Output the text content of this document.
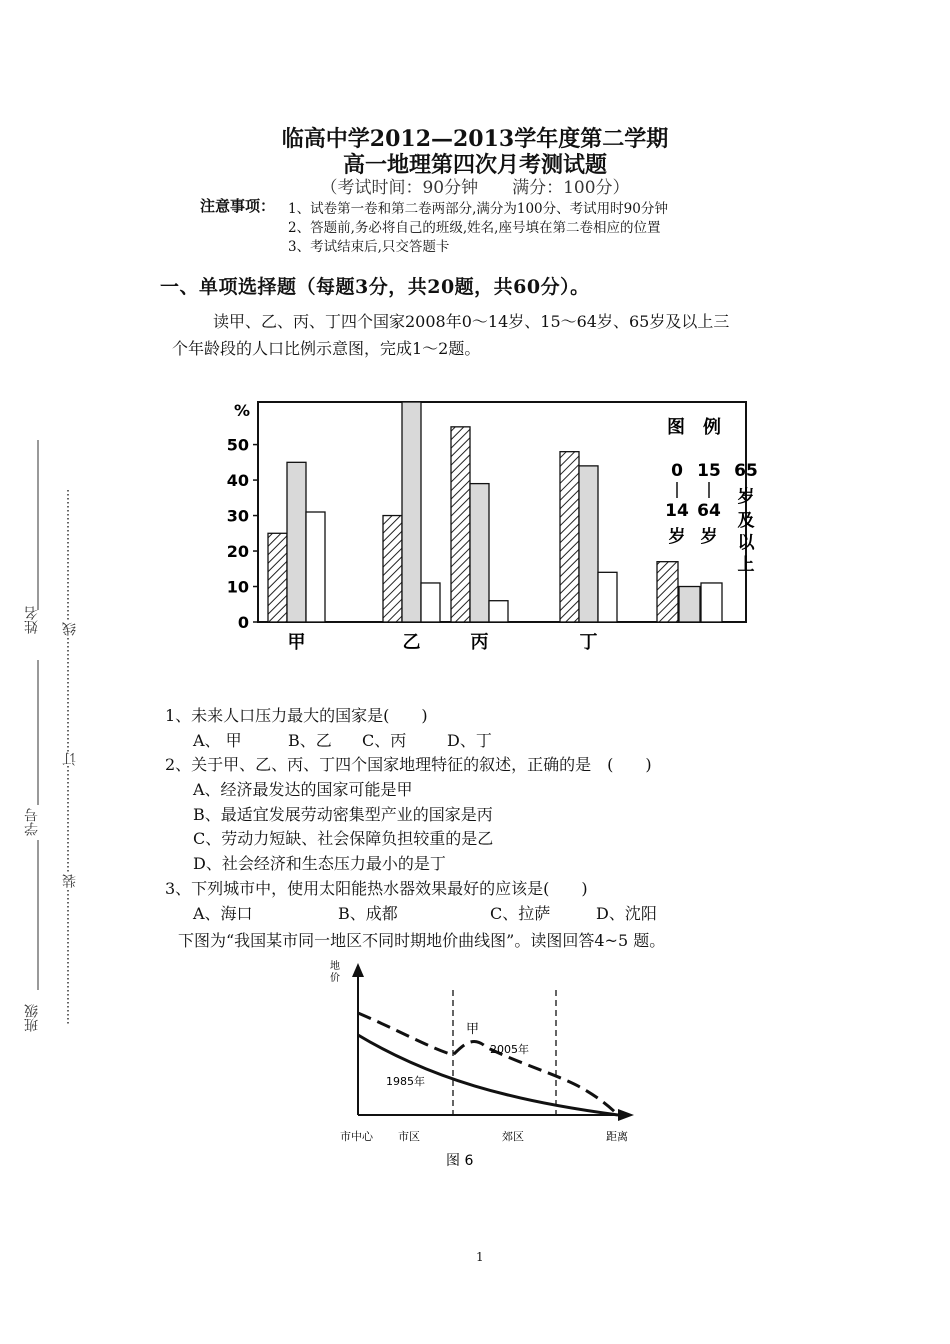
临高中学2012—2013学年度第二学期
高一地理第四次月考测试题
（考试时间：90分钟　　满分：100分）
注意事项： 1、试卷第一卷和第二卷两部分,满分为100分、考试用时90分钟
2、答题前,务必将自己的班级,姓名,座号填在第二卷相应的位置
3、考试结束后,只交答题卡
一、单项选择题（每题3分，共20题，共60分）。
读甲、乙、丙、丁四个国家2008年0～14岁、15～64岁、65岁及以上三
个年龄段的人口比例示意图，完成1～2题。
0
10
20
30
40
50
%
甲	乙	丙	丁
图　例
0
14
岁
15
64
岁
65
岁
及
以
上
1、未来人口压力最大的国家是(　　)
A、 甲	B、乙 C、丙	D、丁
2、关于甲、乙、丙、丁四个国家地理特征的叙述，正确的是　(　　)
A、经济最发达的国家可能是甲
B、最适宜发展劳动密集型产业的国家是丙
C、劳动力短缺、社会保障负担较重的是乙
D、社会经济和生态压力最小的是丁
3、下列城市中，使用太阳能热水器效果最好的应该是(　　)
A、海口	B、成都	C、拉萨	D、沈阳
下图为“我国某市同一地区不同时期地价曲线图”。读图回答4~5 题。
地
价
1985年
2005年
甲
市中心 市区	郊区	距离
图 6
姓名
学号
班级
线
订
装
1
